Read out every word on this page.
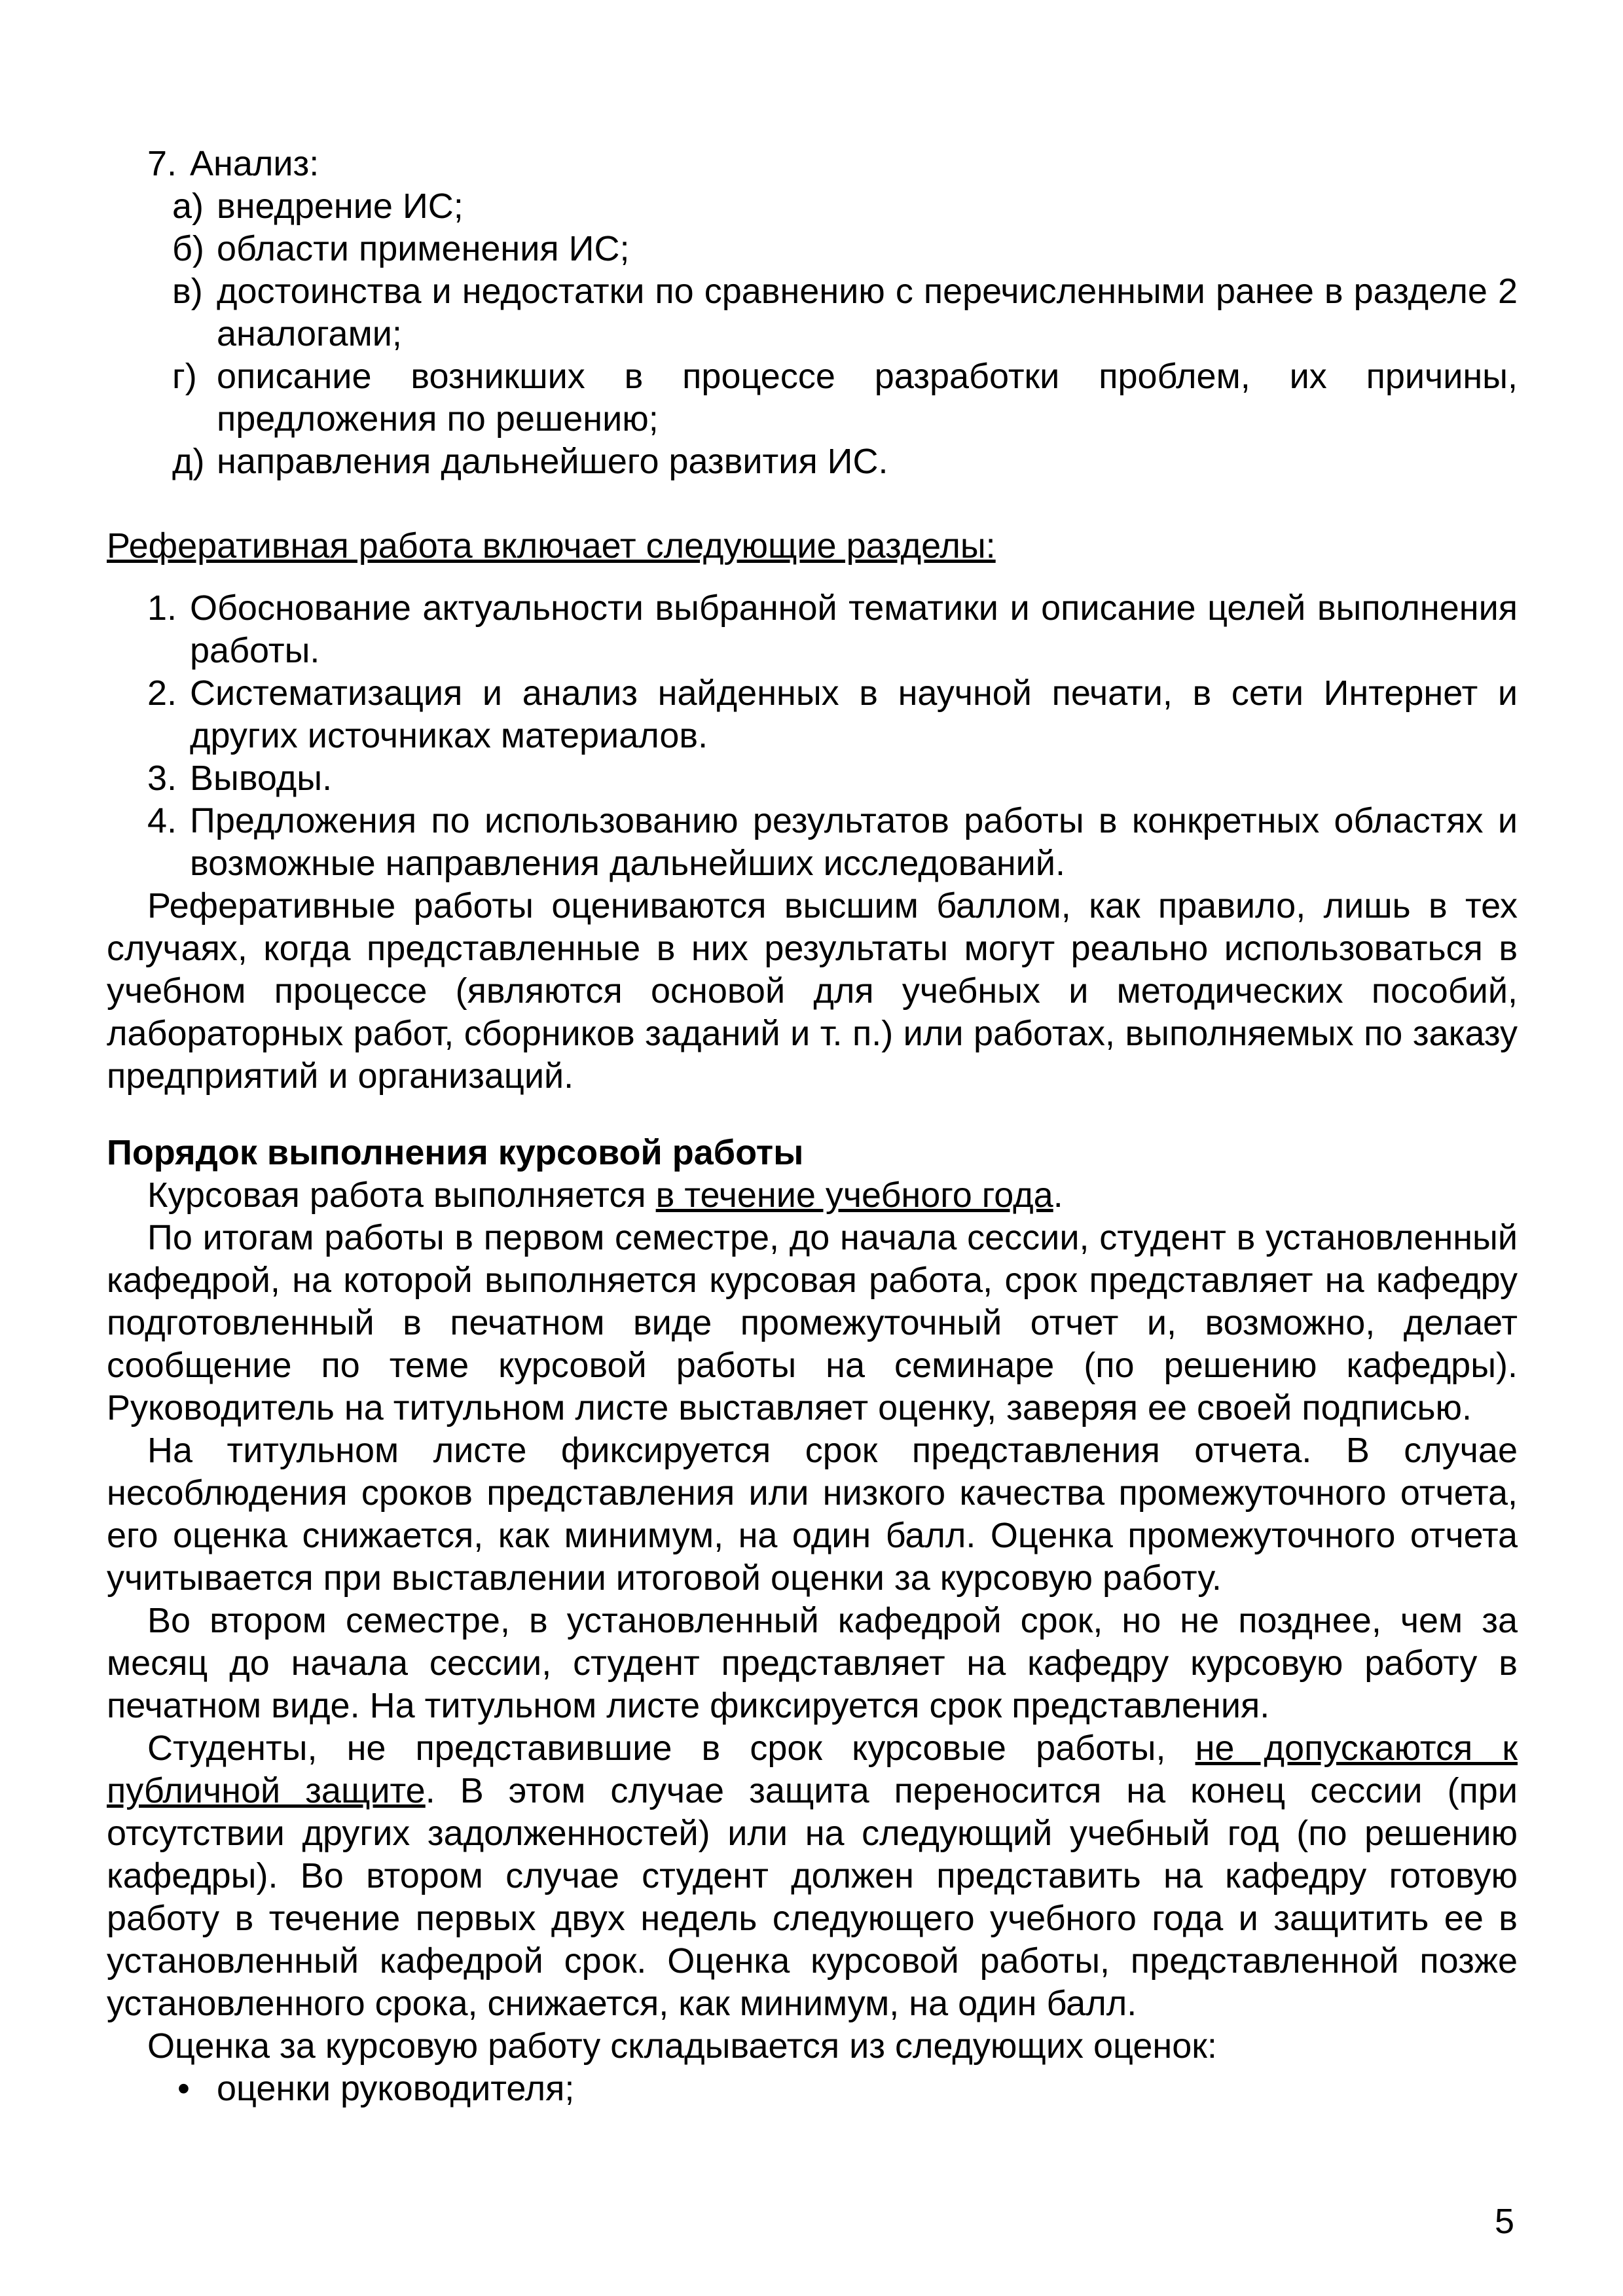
7. Анализ:
а) внедрение ИС;
б) области применения ИС;
в) достоинства и недостатки по сравнению с перечисленными ранее в разделе 2 аналогами;
г) описание возникших в процессе разработки проблем, их причины, предложения по решению;
д) направления дальнейшего развития ИС.
Реферативная работа включает следующие разделы:
1. Обоснование актуальности выбранной тематики и описание целей выполнения работы.
2. Систематизация и анализ найденных в научной печати, в сети Интернет и других источниках материалов.
3. Выводы.
4. Предложения по использованию результатов работы в конкретных областях и возможные направления дальнейших исследований.

Реферативные работы оцениваются высшим баллом, как правило, лишь в тех случаях, когда представленные в них результаты могут реально использоваться в учебном процессе (являются основой для учебных и методических пособий, лабораторных работ, сборников заданий и т. п.) или работах, выполняемых по заказу предприятий и организаций.

Порядок выполнения курсовой работы

Курсовая работа выполняется в течение учебного года.

По итогам работы в первом семестре, до начала сессии, студент в установленный кафедрой, на которой выполняется курсовая работа, срок представляет на кафедру подготовленный в печатном виде промежуточный отчет и, возможно, делает сообщение по теме курсовой работы на семинаре (по решению кафедры). Руководитель на титульном листе выставляет оценку, заверяя ее своей подписью.

На титульном листе фиксируется срок представления отчета. В случае несоблюдения сроков представления или низкого качества промежуточного отчета, его оценка снижается, как минимум, на один балл. Оценка промежуточного отчета учитывается при выставлении итоговой оценки за курсовую работу.

Во втором семестре, в установленный кафедрой срок, но не позднее, чем за месяц до начала сессии, студент представляет на кафедру курсовую работу в печатном виде. На титульном листе фиксируется срок представления.

Студенты, не представившие в срок курсовые работы, не допускаются к публичной защите. В этом случае защита переносится на конец сессии (при отсутствии других задолженностей) или на следующий учебный год (по решению кафедры). Во втором случае студент должен представить на кафедру готовую работу в течение первых двух недель следующего учебного года и защитить ее в установленный кафедрой срок. Оценка курсовой работы, представленной позже установленного срока, снижается, как минимум, на один балл.

Оценка за курсовую работу складывается из следующих оценок:

• оценки руководителя;
5
